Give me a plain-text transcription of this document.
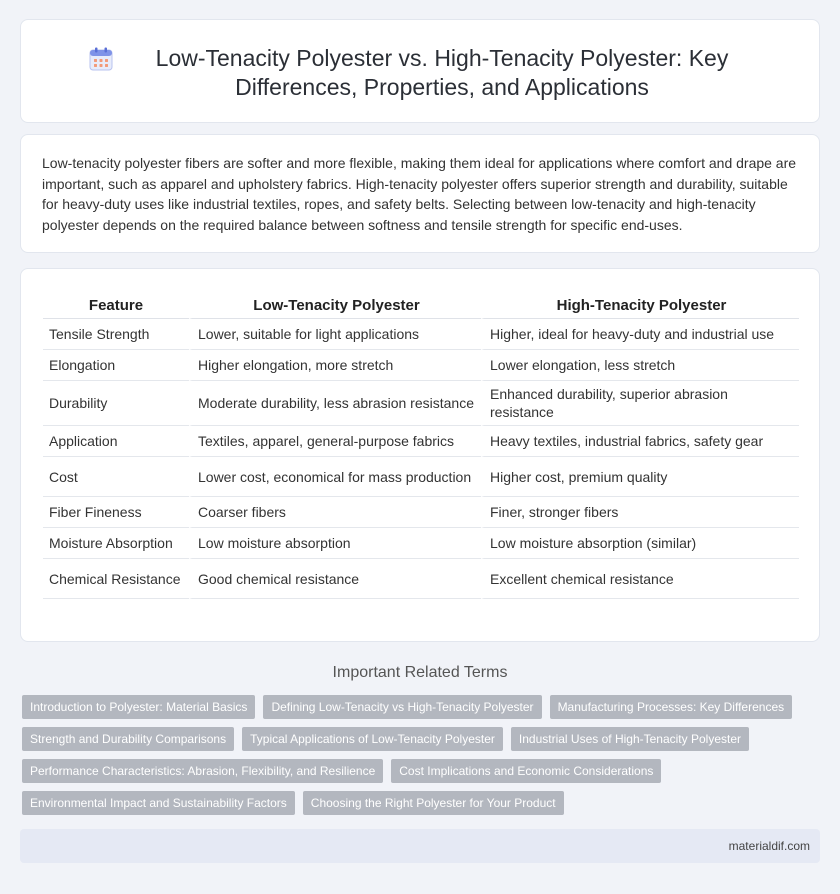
Low-Tenacity Polyester vs. High-Tenacity Polyester: Key Differences, Properties, and Applications

Low-tenacity polyester fibers are softer and more flexible, making them ideal for applications where comfort and drape are important, such as apparel and upholstery fabrics. High-tenacity polyester offers superior strength and durability, suitable for heavy-duty uses like industrial textiles, ropes, and safety belts. Selecting between low-tenacity and high-tenacity polyester depends on the required balance between softness and tensile strength for specific end-uses.

Feature	Low-Tenacity Polyester	High-Tenacity Polyester
Tensile Strength	Lower, suitable for light applications	Higher, ideal for heavy-duty and industrial use
Elongation	Higher elongation, more stretch	Lower elongation, less stretch
Durability	Moderate durability, less abrasion resistance	Enhanced durability, superior abrasion resistance
Application	Textiles, apparel, general-purpose fabrics	Heavy textiles, industrial fabrics, safety gear
Cost	Lower cost, economical for mass production	Higher cost, premium quality
Fiber Fineness	Coarser fibers	Finer, stronger fibers
Moisture Absorption	Low moisture absorption	Low moisture absorption (similar)
Chemical Resistance	Good chemical resistance	Excellent chemical resistance
Important Related Terms
Introduction to Polyester: Material Basics	Defining Low-Tenacity vs High-Tenacity Polyester	Manufacturing Processes: Key Differences
Strength and Durability Comparisons	Typical Applications of Low-Tenacity Polyester	Industrial Uses of High-Tenacity Polyester
Performance Characteristics: Abrasion, Flexibility, and Resilience	Cost Implications and Economic Considerations
Environmental Impact and Sustainability Factors	Choosing the Right Polyester for Your Product
materialdif.com
